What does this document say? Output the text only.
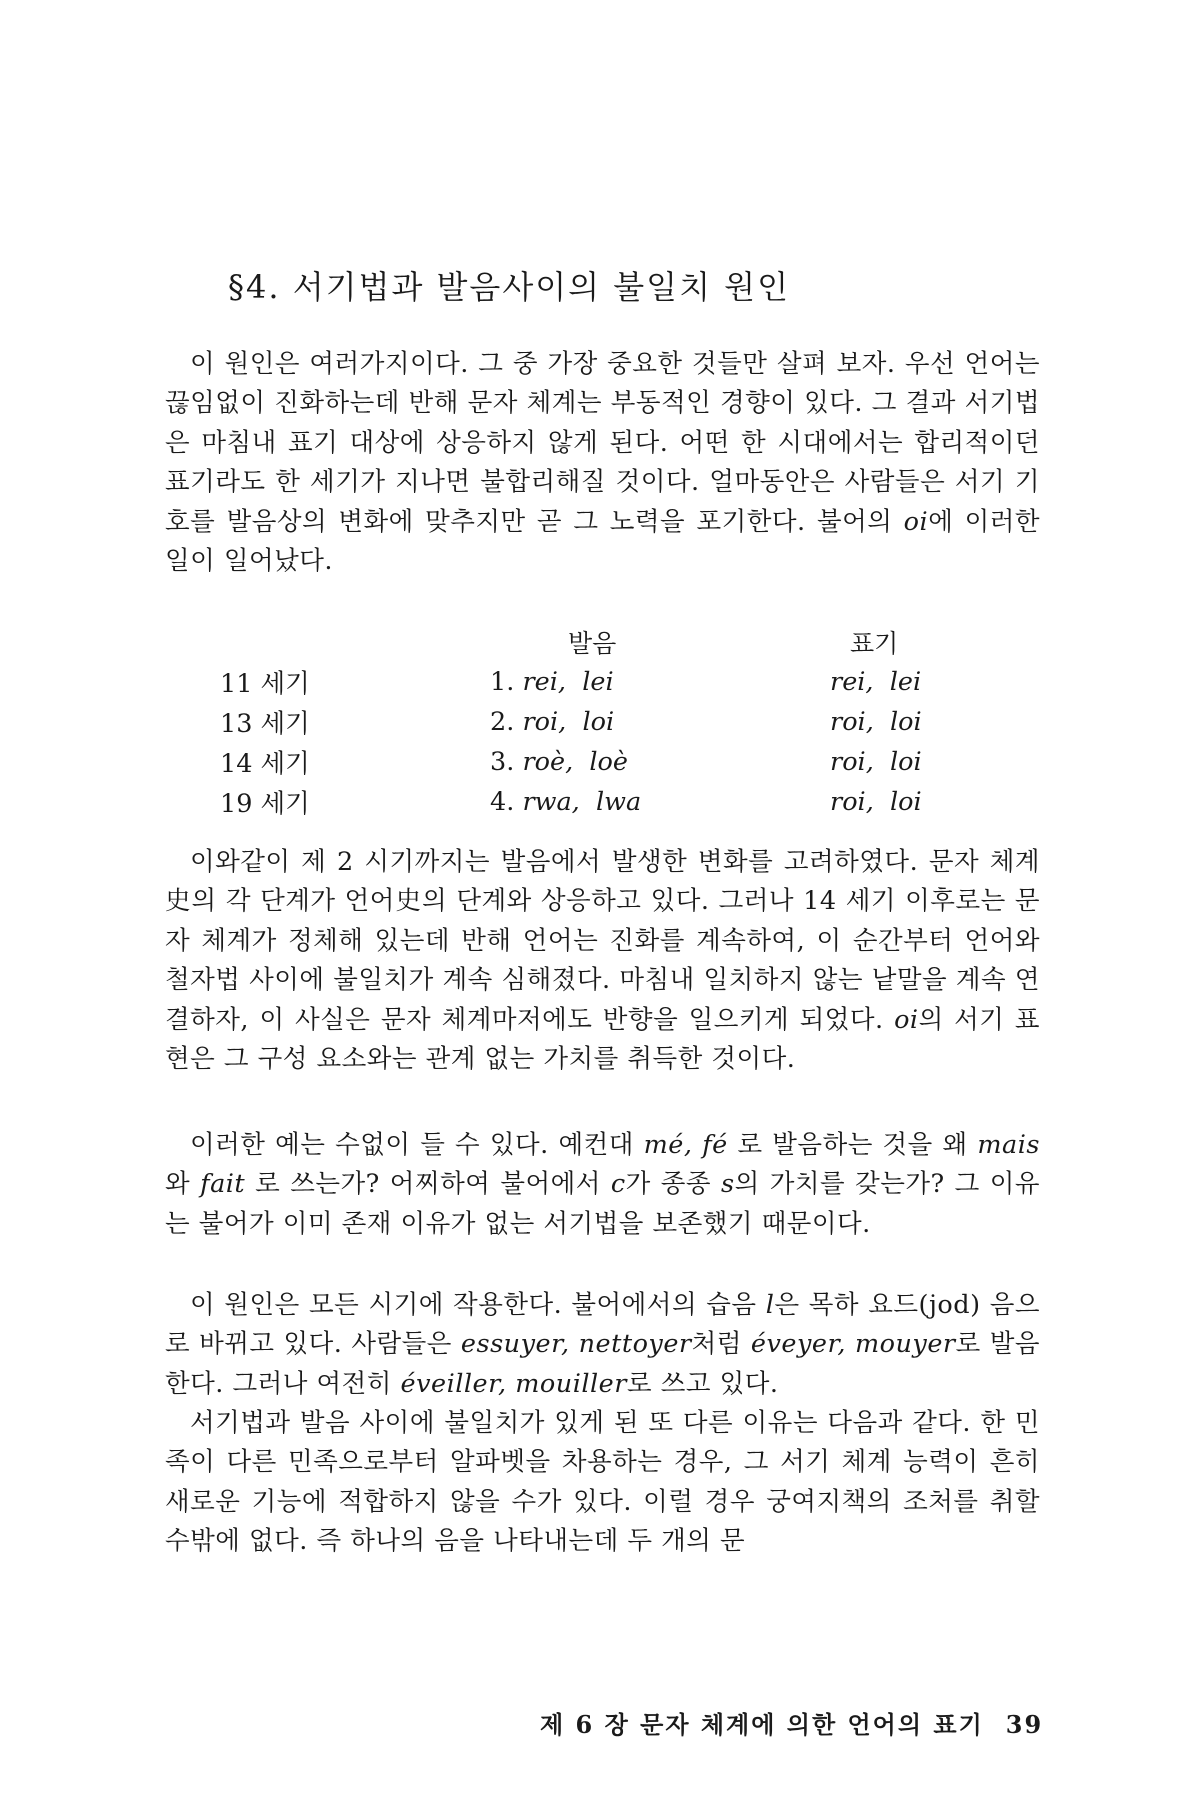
§4. 서기법과 발음사이의 불일치 원인

이 원인은 여러가지이다. 그 중 가장 중요한 것들만 살펴 보자. 우선 언어는 끊임없이 진화하는데 반해 문자 체계는 부동적인 경향이 있다. 그 결과 서기법은 마침내 표기 대상에 상응하지 않게 된다. 어떤 한 시대에서는 합리적이던 표기라도 한 세기가 지나면 불합리해질 것이다. 얼마동안은 사람들은 서기 기호를 발음상의 변화에 맞추지만 곧 그 노력을 포기한다. 불어의 oi에 이러한 일이 일어났다.

	발음	표기
11 세기	1. rei,  lei	rei,  lei
13 세기	2. roi,  loi	roi,  loi
14 세기	3. roè,  loè	roi,  loi
19 세기	4. rwa,  lwa	roi,  loi

이와같이 제 2 시기까지는 발음에서 발생한 변화를 고려하였다. 문자 체계史의 각 단계가 언어史의 단계와 상응하고 있다. 그러나 14 세기 이후로는 문자 체계가 정체해 있는데 반해 언어는 진화를 계속하여, 이 순간부터 언어와 철자법 사이에 불일치가 계속 심해졌다. 마침내 일치하지 않는 낱말을 계속 연결하자, 이 사실은 문자 체계마저에도 반향을 일으키게 되었다. oi의 서기 표현은 그 구성 요소와는 관계 없는 가치를 취득한 것이다.

이러한 예는 수없이 들 수 있다. 예컨대 mé, fé 로 발음하는 것을 왜 mais와 fait 로 쓰는가? 어찌하여 불어에서 c가 종종 s의 가치를 갖는가? 그 이유는 불어가 이미 존재 이유가 없는 서기법을 보존했기 때문이다.

이 원인은 모든 시기에 작용한다. 불어에서의 습음 l은 목하 요드(jod) 음으로 바뀌고 있다. 사람들은 essuyer, nettoyer처럼 éveyer, mouyer로 발음한다. 그러나 여전히 éveiller, mouiller로 쓰고 있다.

서기법과 발음 사이에 불일치가 있게 된 또 다른 이유는 다음과 같다. 한 민족이 다른 민족으로부터 알파벳을 차용하는 경우, 그 서기 체계 능력이 흔히 새로운 기능에 적합하지 않을 수가 있다. 이럴 경우 궁여지책의 조처를 취할 수밖에 없다. 즉 하나의 음을 나타내는데 두 개의 문

제 6 장 문자 체계에 의한 언어의 표기 39
